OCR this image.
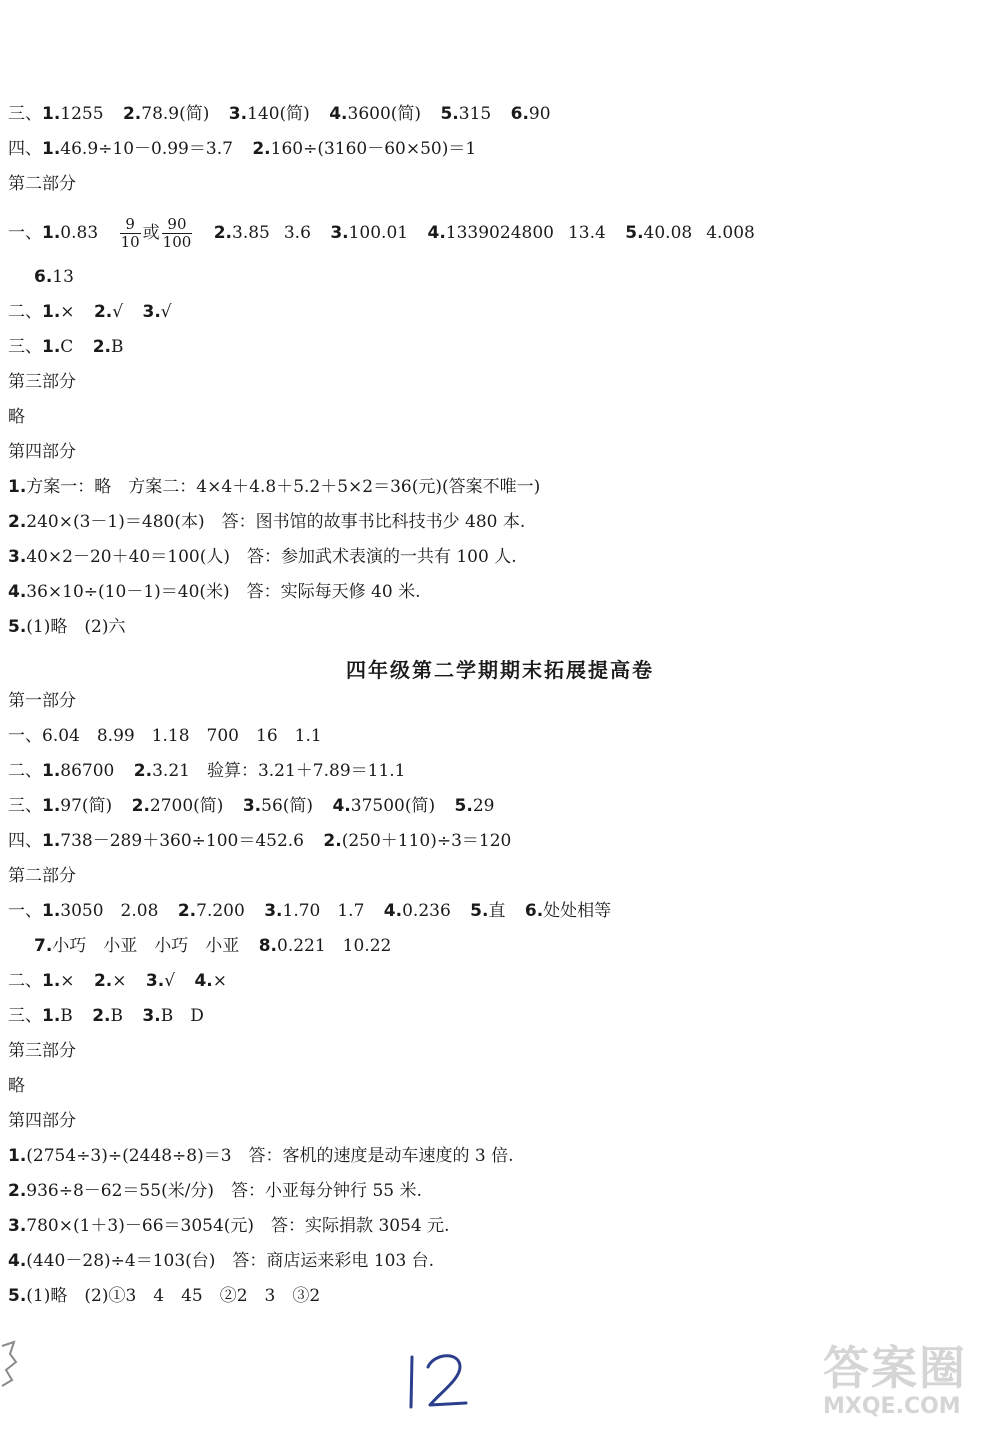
三、1.1255 2.78.9(简) 3.140(简) 4.3600(简) 5.315 6.90
四、1.46.9÷10－0.99＝3.7 2.160÷(3160－60×50)＝1
第二部分
一、$1.0.83 \frac{9}{10}$ 或 $\frac{90}{100} 2.3.85$ 3.6 3.100.01 4.1339024800 13.4 5.40.08 4.008
6.13
二、1.× 2.√ 3.√
三、1.C 2.B
第三部分
略
第四部分
1.方案一：略　方案二：4×4＋4.8＋5.2＋5×2＝36(元)(答案不唯一)
2.240×(3－1)＝480(本)　答：图书馆的故事书比科技书少 480 本.
3.40×2－20＋40＝100(人)　答：参加武术表演的一共有 100 人.
4.36×10÷(10－1)＝40(米)　答：实际每天修 40 米.
5.(1)略　(2)六
四年级第二学期期末拓展提高卷
第一部分
一、6.04　8.99　1.18　700　16　1.1
二、1.86700 2.3.21　验算：3.21＋7.89＝11.1
三、1.97(简) 2.2700(简) 3.56(简) 4.37500(简) 5.29
四、1.738－289＋360÷100＝452.6 2.(250＋110)÷3＝120
第二部分
一、1.3050　2.08 2.7.200 3.1.70　1.7 4.0.236 5.直 6.处处相等
7.小巧　小亚　小巧　小亚 8.0.221　10.22
二、1.× 2.× 3.√ 4.×
三、1.B 2.B 3.B　D
第三部分
略
第四部分
1.(2754÷3)÷(2448÷8)＝3　答：客机的速度是动车速度的 3 倍.
2.936÷8－62＝55(米/分)　答：小亚每分钟行 55 米.
3.780×(1＋3)－66＝3054(元)　答：实际捐款 3054 元.
4.(440－28)÷4＝103(台)　答：商店运来彩电 103 台.
5.(1)略　(2)①3　4　45　②2　3　③2
答案圈
MXQE.COM
